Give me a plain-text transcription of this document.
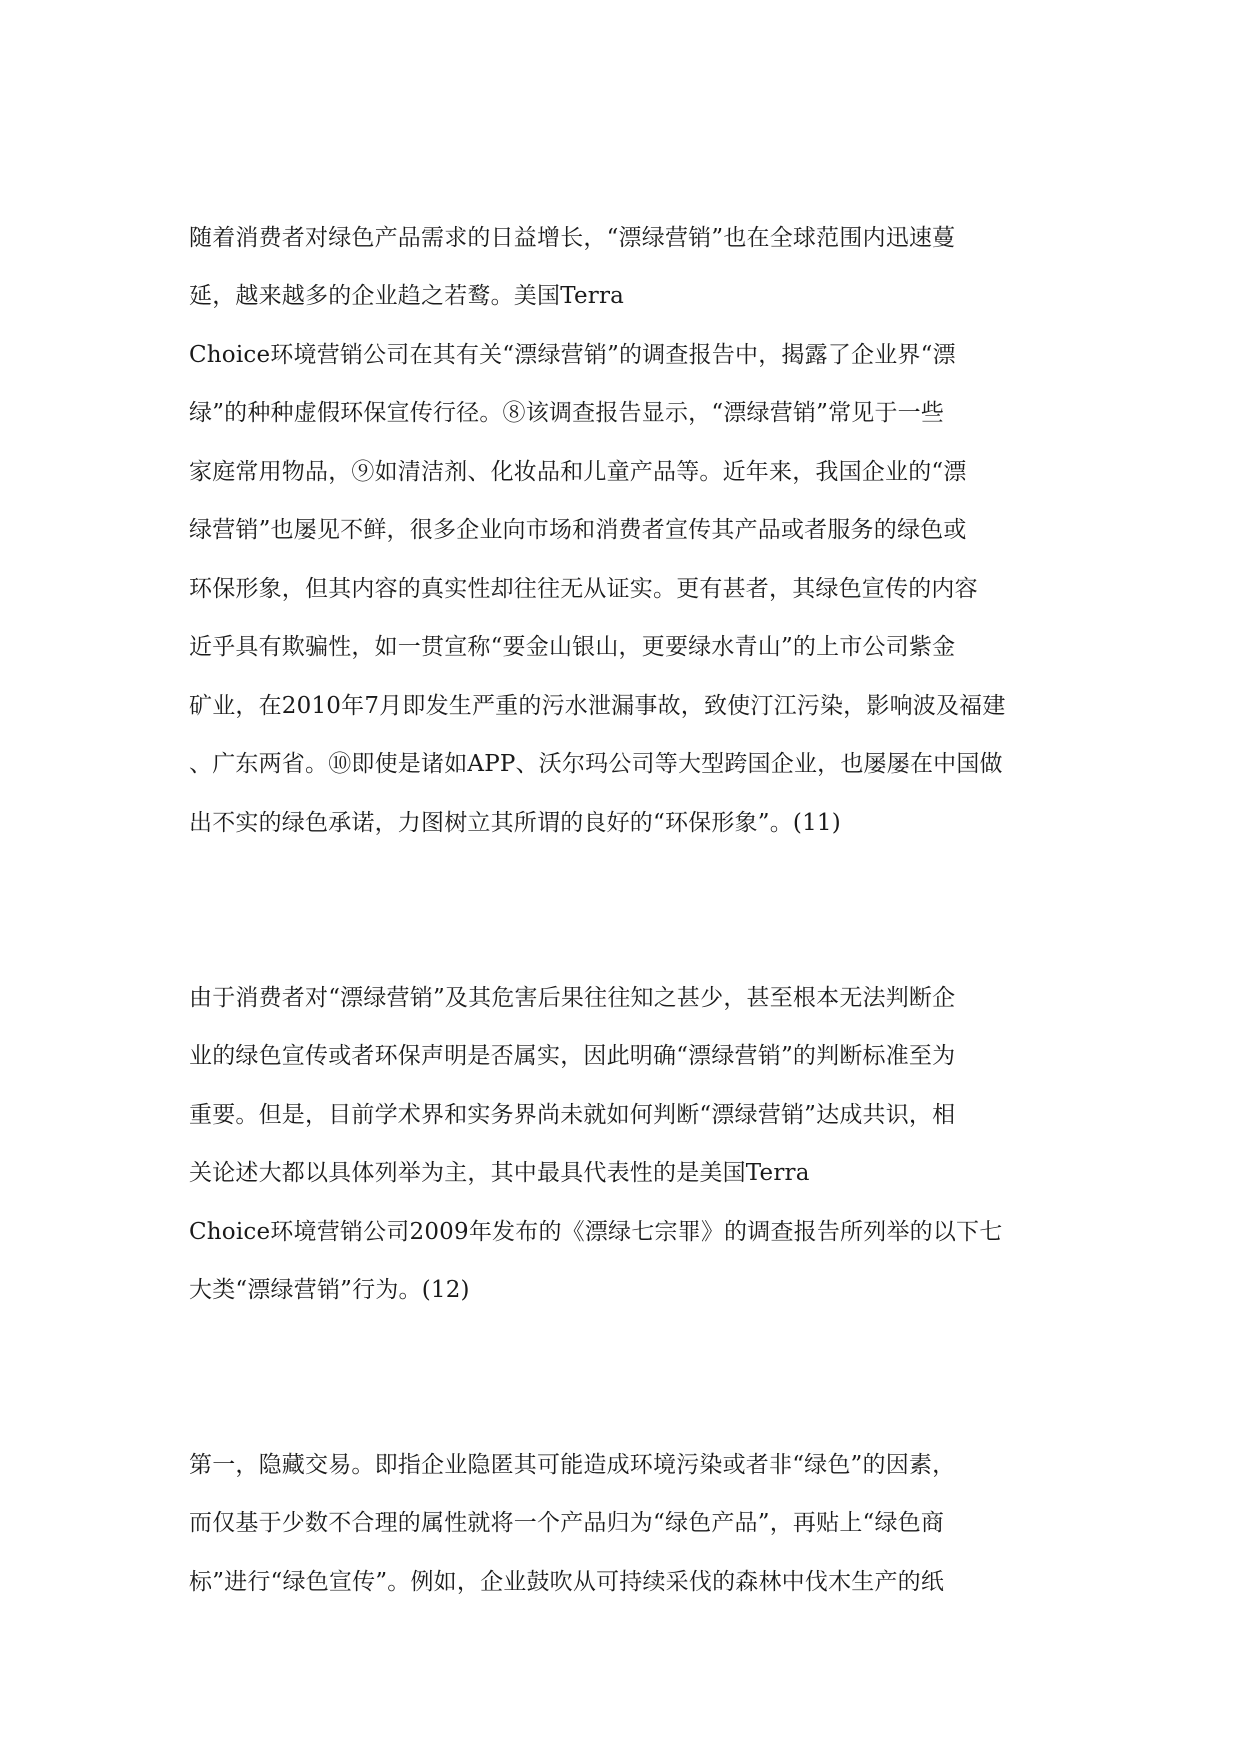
随着消费者对绿色产品需求的日益增长，“漂绿营销”也在全球范围内迅速蔓

延，越来越多的企业趋之若鹜。美国Terra

Choice环境营销公司在其有关“漂绿营销”的调查报告中，揭露了企业界“漂

绿”的种种虚假环保宣传行径。⑧该调查报告显示，“漂绿营销”常见于一些

家庭常用物品，⑨如清洁剂、化妆品和儿童产品等。近年来，我国企业的“漂

绿营销”也屡见不鲜，很多企业向市场和消费者宣传其产品或者服务的绿色或

环保形象，但其内容的真实性却往往无从证实。更有甚者，其绿色宣传的内容

近乎具有欺骗性，如一贯宣称“要金山银山，更要绿水青山”的上市公司紫金

矿业，在2010年7月即发生严重的污水泄漏事故，致使汀江污染，影响波及福建

、广东两省。⑩即使是诸如APP、沃尔玛公司等大型跨国企业，也屡屡在中国做

出不实的绿色承诺，力图树立其所谓的良好的“环保形象”。(11)

由于消费者对“漂绿营销”及其危害后果往往知之甚少，甚至根本无法判断企

业的绿色宣传或者环保声明是否属实，因此明确“漂绿营销”的判断标准至为

重要。但是，目前学术界和实务界尚未就如何判断“漂绿营销”达成共识，相

关论述大都以具体列举为主，其中最具代表性的是美国Terra

Choice环境营销公司2009年发布的《漂绿七宗罪》的调查报告所列举的以下七

大类“漂绿营销”行为。(12)

第一，隐藏交易。即指企业隐匿其可能造成环境污染或者非“绿色”的因素，

而仅基于少数不合理的属性就将一个产品归为“绿色产品”，再贴上“绿色商

标”进行“绿色宣传”。例如，企业鼓吹从可持续采伐的森林中伐木生产的纸
